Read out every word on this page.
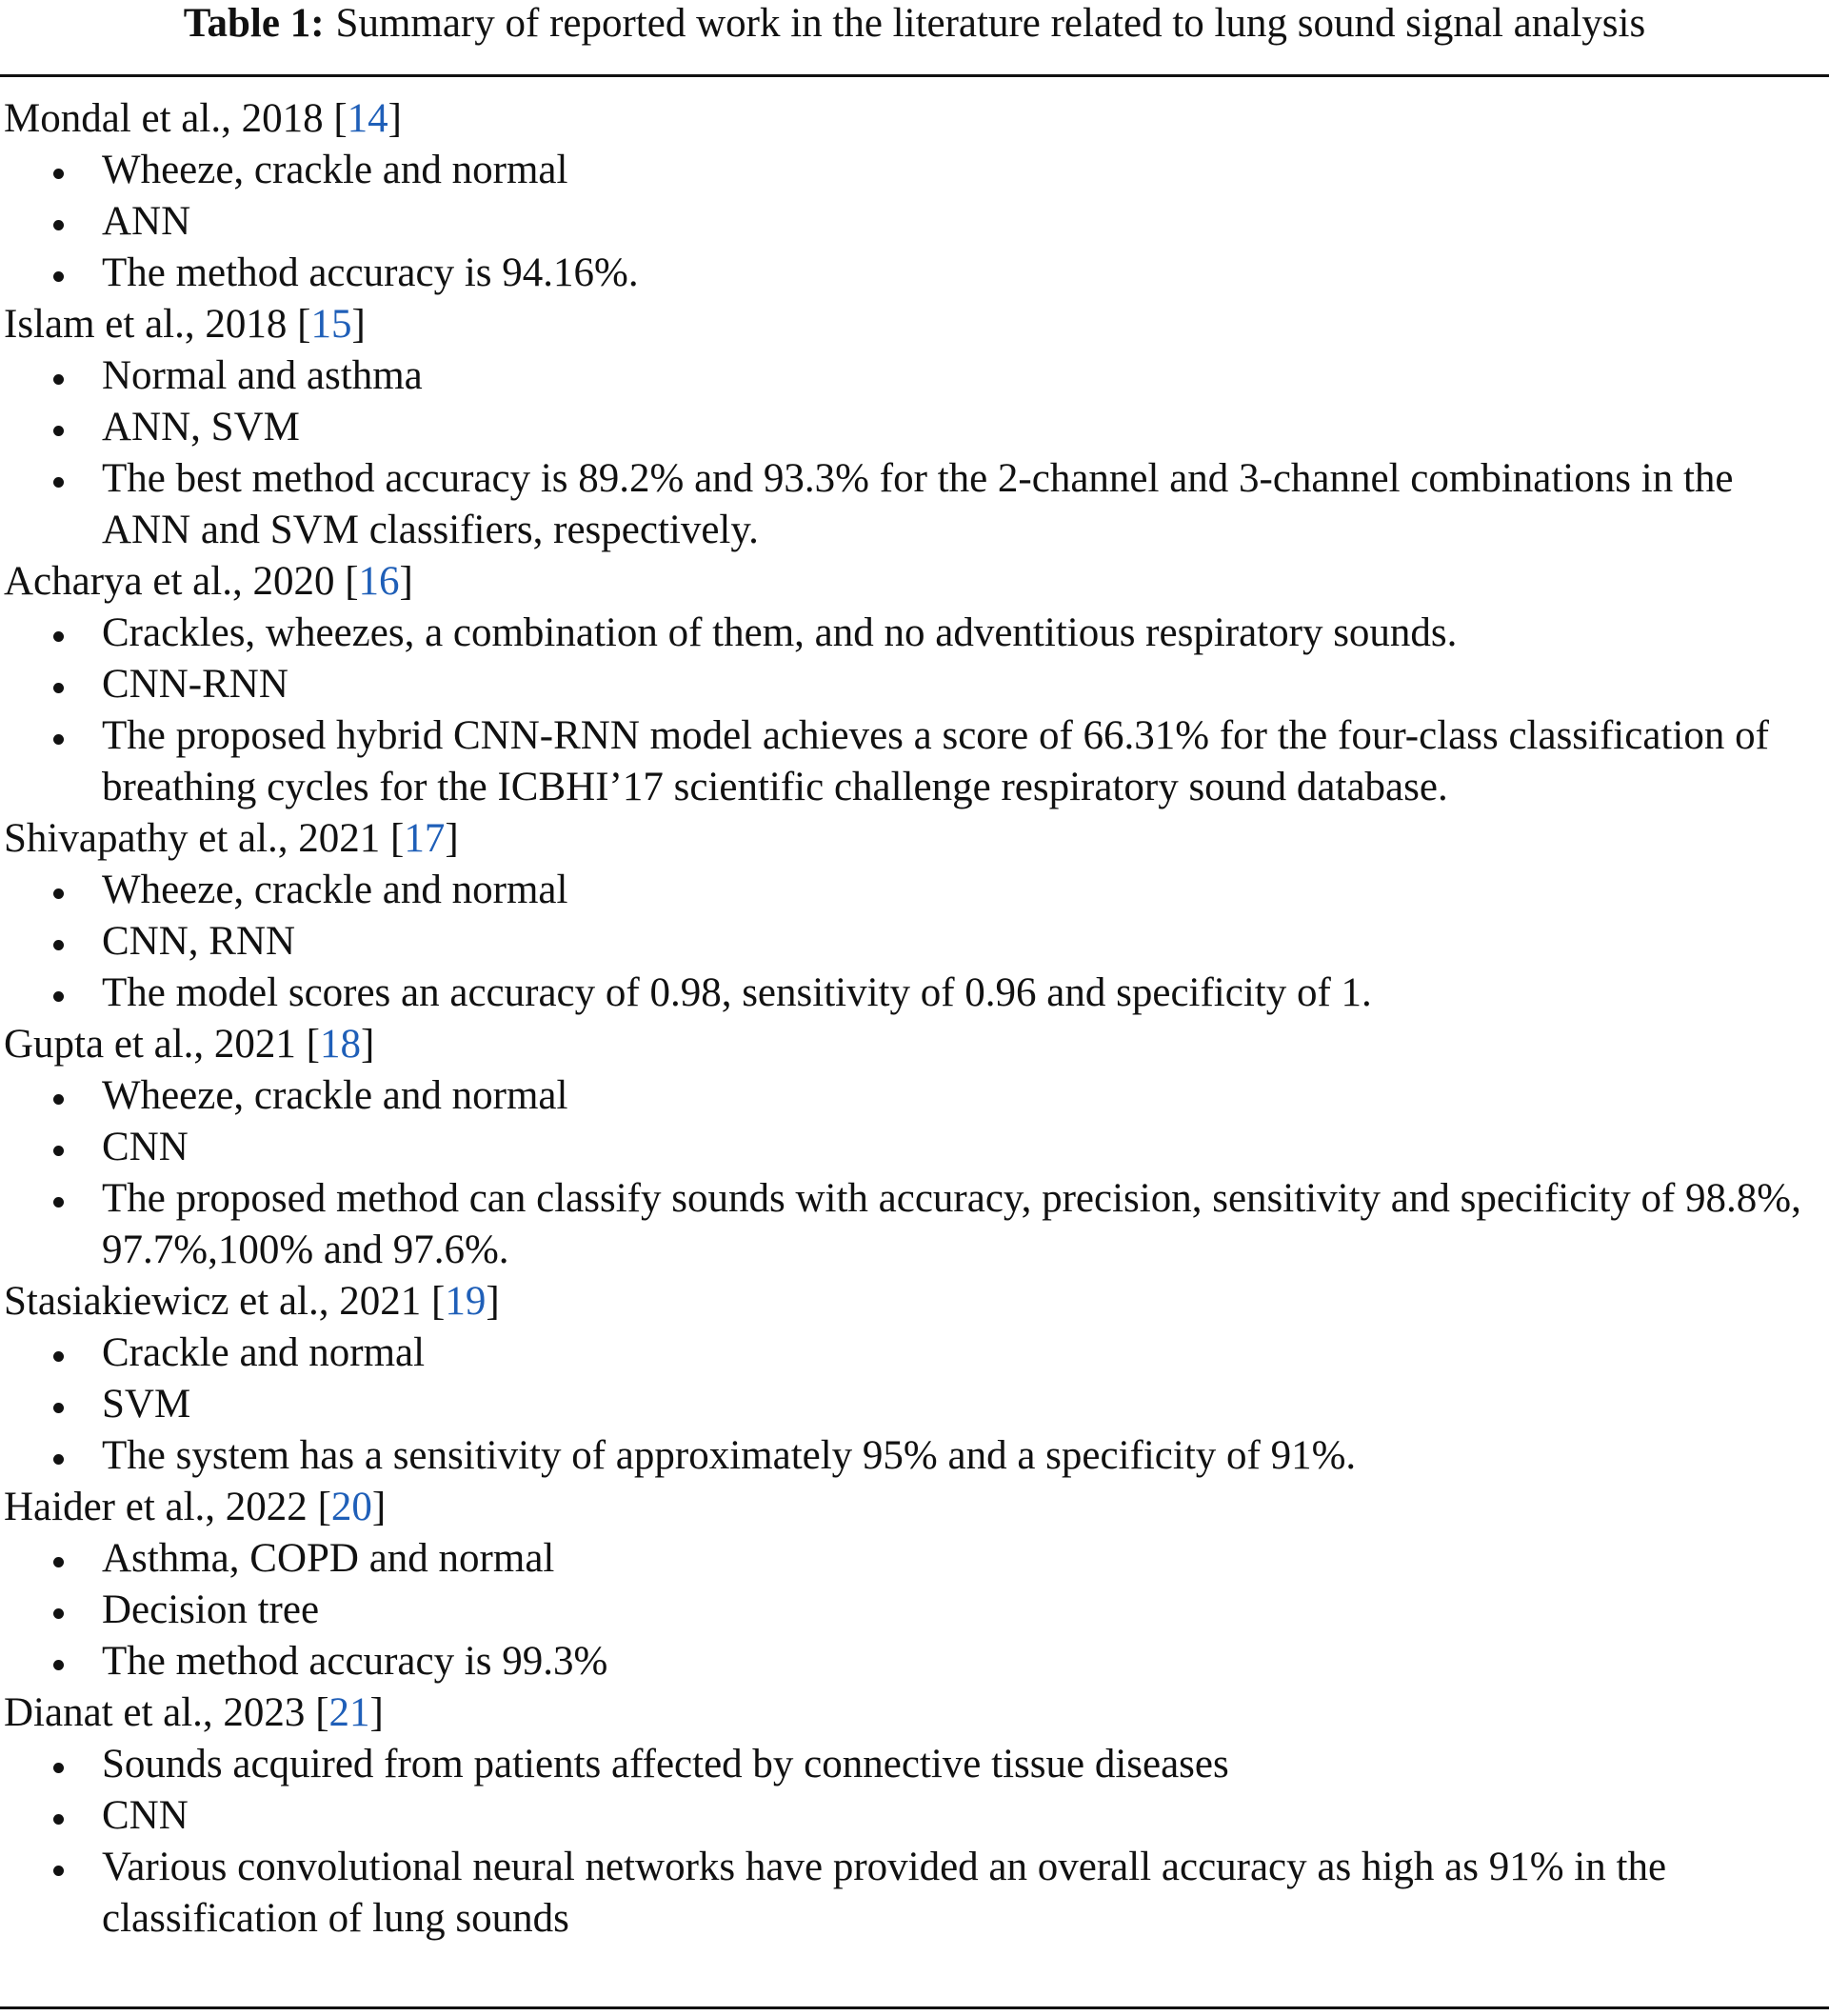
Table 1: Summary of reported work in the literature related to lung sound signal analysis
Mondal et al., 2018 [14]
Wheeze, crackle and normal
ANN
The method accuracy is 94.16%.
Islam et al., 2018 [15]
Normal and asthma
ANN, SVM
The best method accuracy is 89.2% and 93.3% for the 2-channel and 3-channel combinations in the ANN and SVM classifiers, respectively.
Acharya et al., 2020 [16]
Crackles, wheezes, a combination of them, and no adventitious respiratory sounds.
CNN-RNN
The proposed hybrid CNN-RNN model achieves a score of 66.31% for the four-class classification of breathing cycles for the ICBHI’17 scientific challenge respiratory sound database.
Shivapathy et al., 2021 [17]
Wheeze, crackle and normal
CNN, RNN
The model scores an accuracy of 0.98, sensitivity of 0.96 and specificity of 1.
Gupta et al., 2021 [18]
Wheeze, crackle and normal
CNN
The proposed method can classify sounds with accuracy, precision, sensitivity and specificity of 98.8%, 97.7%,100% and 97.6%.
Stasiakiewicz et al., 2021 [19]
Crackle and normal
SVM
The system has a sensitivity of approximately 95% and a specificity of 91%.
Haider et al., 2022 [20]
Asthma, COPD and normal
Decision tree
The method accuracy is 99.3%
Dianat et al., 2023 [21]
Sounds acquired from patients affected by connective tissue diseases
CNN
Various convolutional neural networks have provided an overall accuracy as high as 91% in the classification of lung sounds
